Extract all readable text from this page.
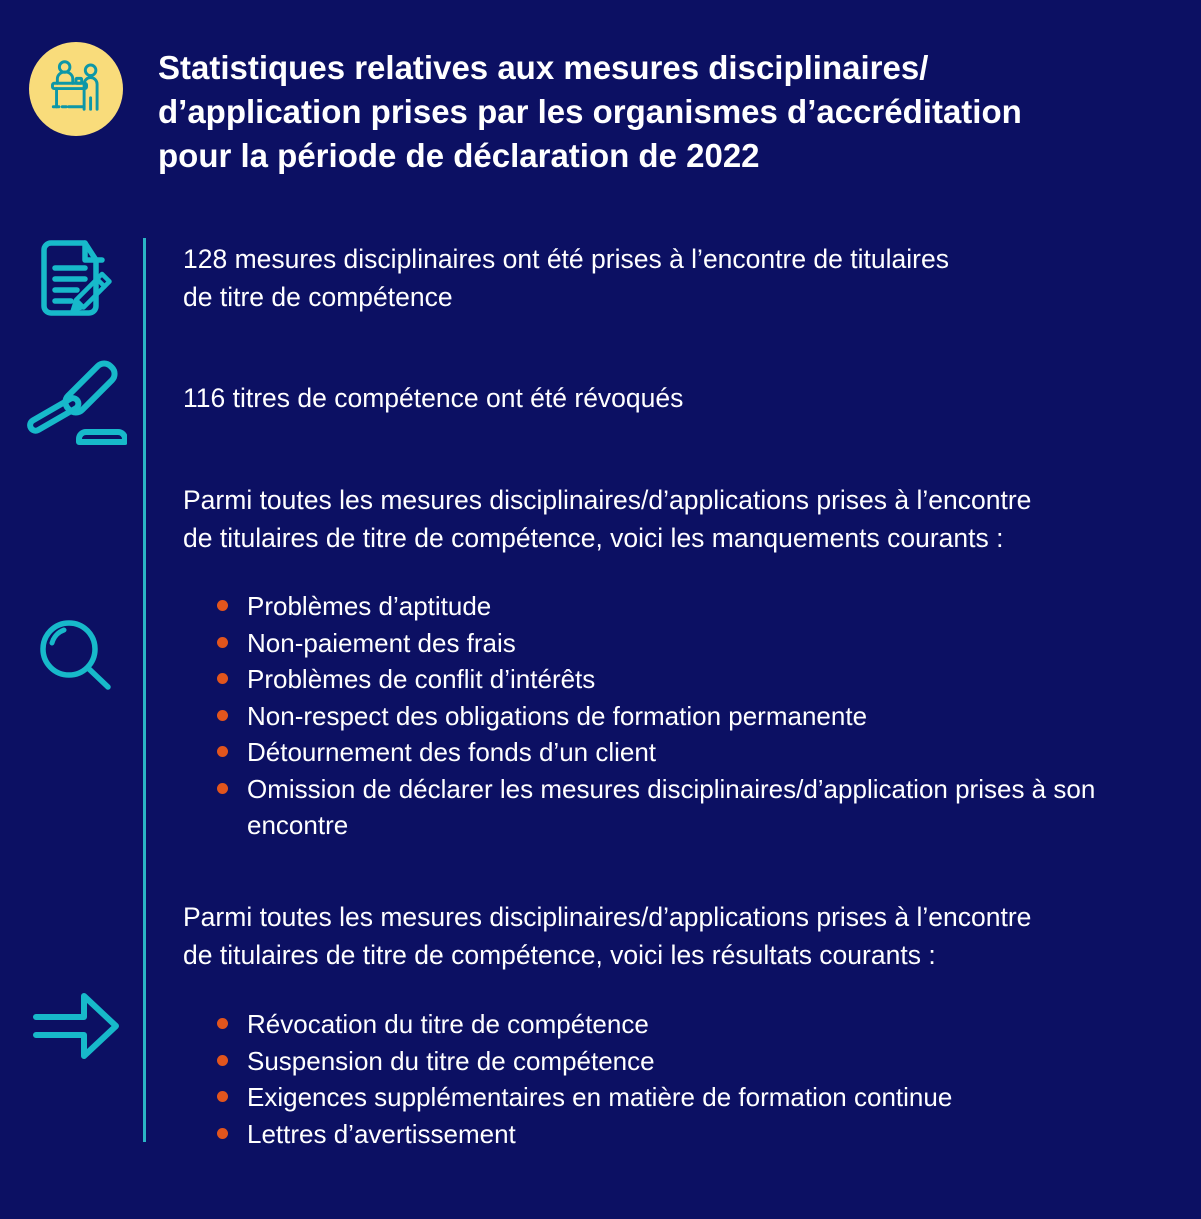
Statistiques relatives aux mesures disciplinaires/
d’application prises par les organismes d’accréditation
pour la période de déclaration de 2022
128 mesures disciplinaires ont été prises à l’encontre de titulaires
de titre de compétence
116 titres de compétence ont été révoqués
Parmi toutes les mesures disciplinaires/d’applications prises à l’encontre
de titulaires de titre de compétence, voici les manquements courants :
Problèmes d’aptitude
Non-paiement des frais
Problèmes de conflit d’intérêts
Non-respect des obligations de formation permanente
Détournement des fonds d’un client
Omission de déclarer les mesures disciplinaires/d’application prises à son encontre
Parmi toutes les mesures disciplinaires/d’applications prises à l’encontre
de titulaires de titre de compétence, voici les résultats courants :
Révocation du titre de compétence
Suspension du titre de compétence
Exigences supplémentaires en matière de formation continue
Lettres d’avertissement
